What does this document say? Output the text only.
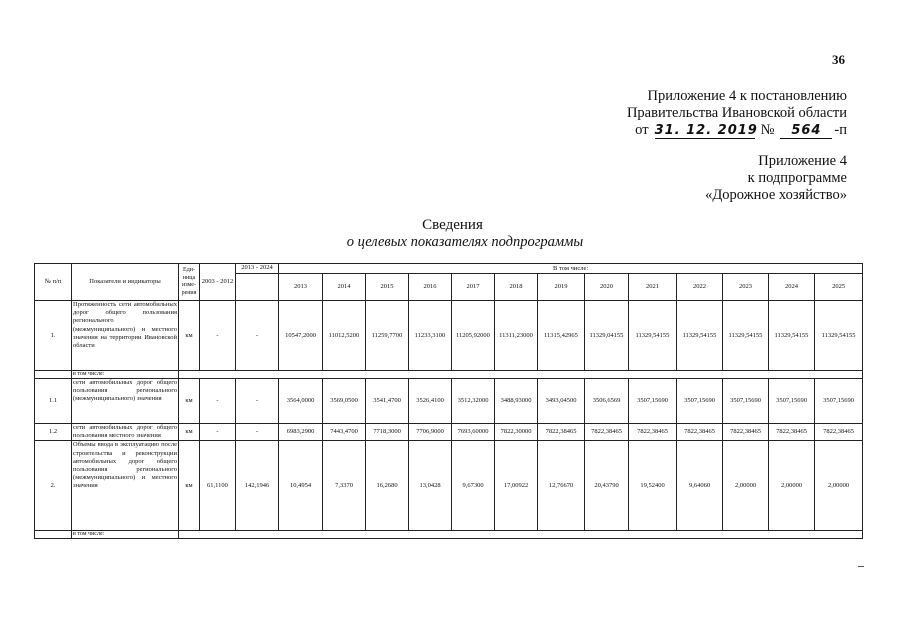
36
Приложение 4 к постановлению
Правительства Ивановской области
от 31. 12. 2019 № 564 -п
Приложение 4
к подпрограмме
«Дорожное хозяйство»
Сведения
о целевых показателях подпрограммы
№ п/п	Показатели и индикаторы	Еди-ница изме-рения	2003 - 2012	2013 - 2024	В том числе:												
					2013	2014	2015	2016	2017	2018	2019	2020	2021	2022	2023	2024	2025
1.	Протяженность сети автомобильных дорог общего пользования регионального (межмуниципального) и местного значения на территории Ивановской области	км	-	-	10547,2000	11012,5200	11259,7700	11233,3100	11205,92000	11311,23000	11315,42965	11329,04155	11329,54155	11329,54155	11329,54155	11329,54155	11329,54155
	в том числе:																
1.1	сети автомобильных дорог общего пользования регионального (межмуниципального) значения	км	-	-	3564,0000	3569,0500	3541,4700	3526,4100	3512,32000	3488,93000	3493,04500	3506,6569	3507,15690	3507,15690	3507,15690	3507,15690	3507,15690
1.2	сети автомобильных дорог общего пользования местного значения	км	-	-	6983,2900	7443,4700	7718,3000	7706,9000	7693,60000	7822,30000	7822,38465	7822,38465	7822,38465	7822,38465	7822,38465	7822,38465	7822,38465
2.	Объемы ввода в эксплуатацию после строительства и реконструкции автомобильных дорог общего пользования регионального (межмуниципального) и местного значения	км	61,1100	142,1946	10,4954	7,3370	16,2680	13,0428	9,67300	17,00922	12,76670	20,43790	19,52400	9,64060	2,00000	2,00000	2,00000
	в том числе:																
